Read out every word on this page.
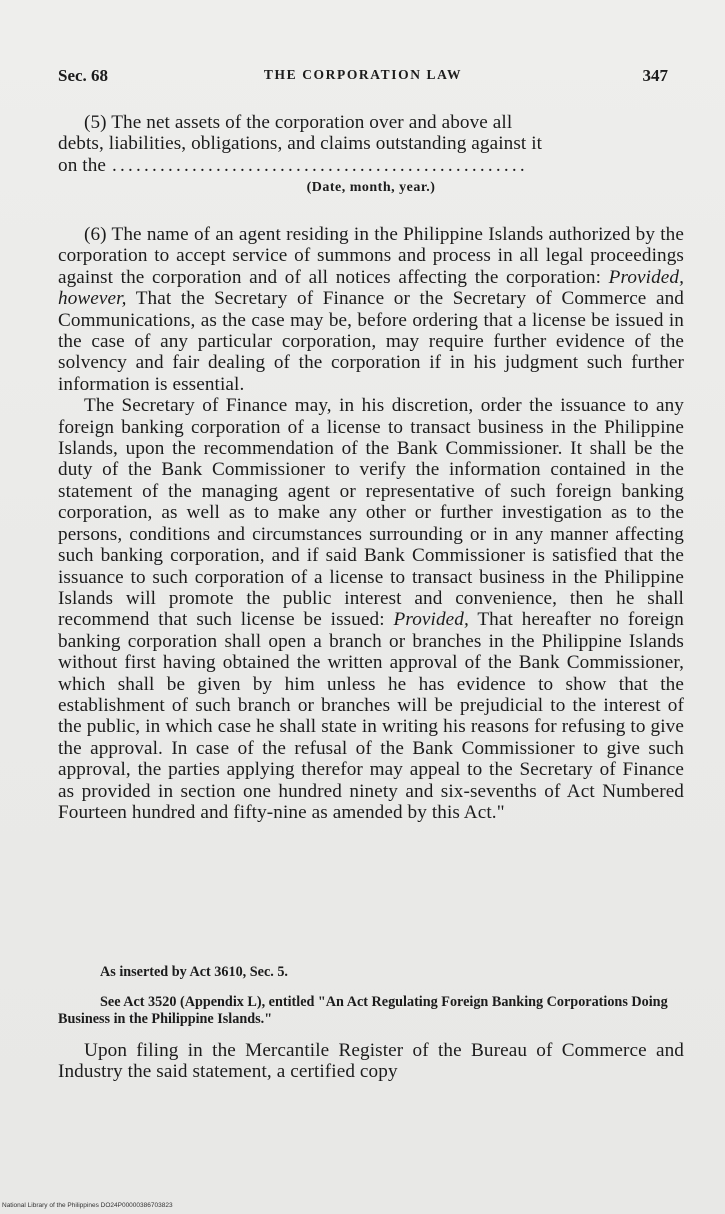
Sec. 68	THE CORPORATION LAW	347

(5) The net assets of the corporation over and above all

debts, liabilities, obligations, and claims outstanding against it

on the ....................................................

(Date, month, year.)

(6) The name of an agent residing in the Philippine Islands authorized by the corporation to accept service of summons and process in all legal proceedings against the corporation and of all notices affecting the corporation: Provided, however, That the Secretary of Finance or the Secretary of Commerce and Communications, as the case may be, before ordering that a license be issued in the case of any particular corporation, may require further evidence of the solvency and fair dealing of the corporation if in his judgment such further information is essential.

The Secretary of Finance may, in his discretion, order the issuance to any foreign banking corporation of a license to transact business in the Philippine Islands, upon the recommendation of the Bank Commissioner. It shall be the duty of the Bank Commissioner to verify the information contained in the statement of the managing agent or representative of such foreign banking corporation, as well as to make any other or further investigation as to the persons, conditions and circumstances surrounding or in any manner affecting such banking corporation, and if said Bank Commissioner is satisfied that the issuance to such corporation of a license to transact business in the Philippine Islands will promote the public interest and convenience, then he shall recommend that such license be issued: Provided, That hereafter no foreign banking corporation shall open a branch or branches in the Philippine Islands without first having obtained the written approval of the Bank Commissioner, which shall be given by him unless he has evidence to show that the establishment of such branch or branches will be prejudicial to the interest of the public, in which case he shall state in writing his reasons for refusing to give the approval. In case of the refusal of the Bank Commissioner to give such approval, the parties applying therefor may appeal to the Secretary of Finance as provided in section one hundred ninety and six-sevenths of Act Numbered Fourteen hundred and fifty-nine as amended by this Act."

As inserted by Act 3610, Sec. 5.
See Act 3520 (Appendix L), entitled "An Act Regulating Foreign Banking Corporations Doing Business in the Philippine Islands."

Upon filing in the Mercantile Register of the Bureau of Commerce and Industry the said statement, a certified copy

National Library of the Philippines DO24P00000386703823
